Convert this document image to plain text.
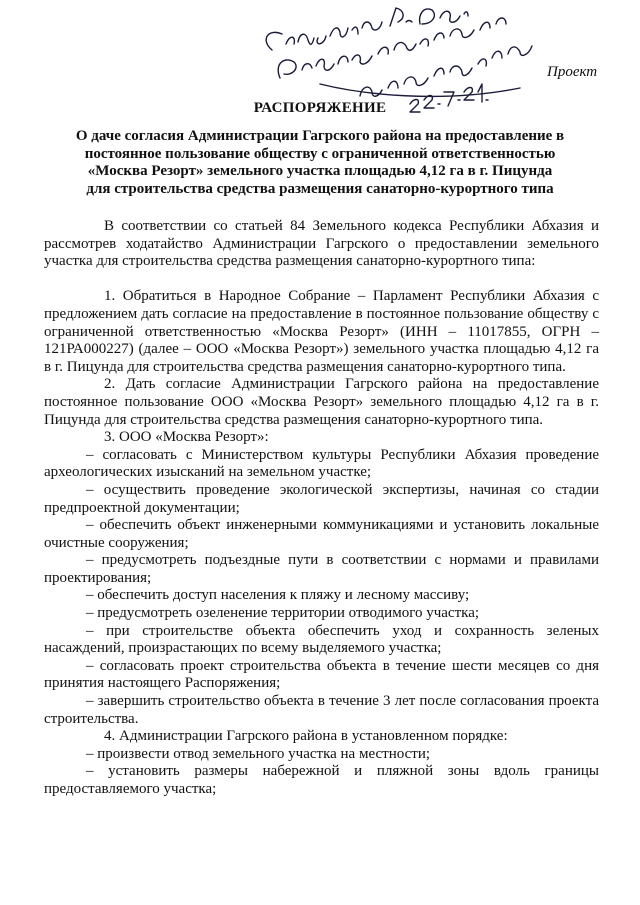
Проект
РАСПОРЯЖЕНИЕ
О даче согласия Администрации Гагрского района на предоставление в
постоянное пользование обществу с ограниченной ответственностью
«Москва Резорт» земельного участка площадью 4,12 га в г. Пицунда
для строительства средства размещения санаторно-курортного типа

В соответствии со статьей 84 Земельного кодекса Республики Абхазия и рассмотрев ходатайство Администрации Гагрского о предоставлении земельного участка для строительства средства размещения санаторно-курортного типа:

1. Обратиться в Народное Собрание – Парламент Республики Абхазия с предложением дать согласие на предоставление в постоянное пользование обществу с ограниченной ответственностью «Москва Резорт» (ИНН – 11017855, ОГРН – 121РА000227) (далее – ООО «Москва Резорт») земельного участка площадью 4,12 га в г. Пицунда для строительства средства размещения санаторно-курортного типа.

2. Дать согласие Администрации Гагрского района на предоставление постоянное пользование ООО «Москва Резорт» земельного площадью 4,12 га в г. Пицунда для строительства средства размещения санаторно-курортного типа.

3. ООО «Москва Резорт»:

– согласовать с Министерством культуры Республики Абхазия проведение археологических изысканий на земельном участке;

– осуществить проведение экологической экспертизы, начиная со стадии предпроектной документации;

– обеспечить объект инженерными коммуникациями и установить локальные очистные сооружения;

– предусмотреть подъездные пути в соответствии с нормами и правилами проектирования;

– обеспечить доступ населения к пляжу и лесному массиву;

– предусмотреть озеленение территории отводимого участка;

– при строительстве объекта обеспечить уход и сохранность зеленых насаждений, произрастающих по всему выделяемого участка;

– согласовать проект строительства объекта в течение шести месяцев со дня принятия настоящего Распоряжения;

– завершить строительство объекта в течение 3 лет после согласования проекта строительства.

4. Администрации Гагрского района в установленном порядке:

– произвести отвод земельного участка на местности;

– установить размеры набережной и пляжной зоны вдоль границы предоставляемого участка;
